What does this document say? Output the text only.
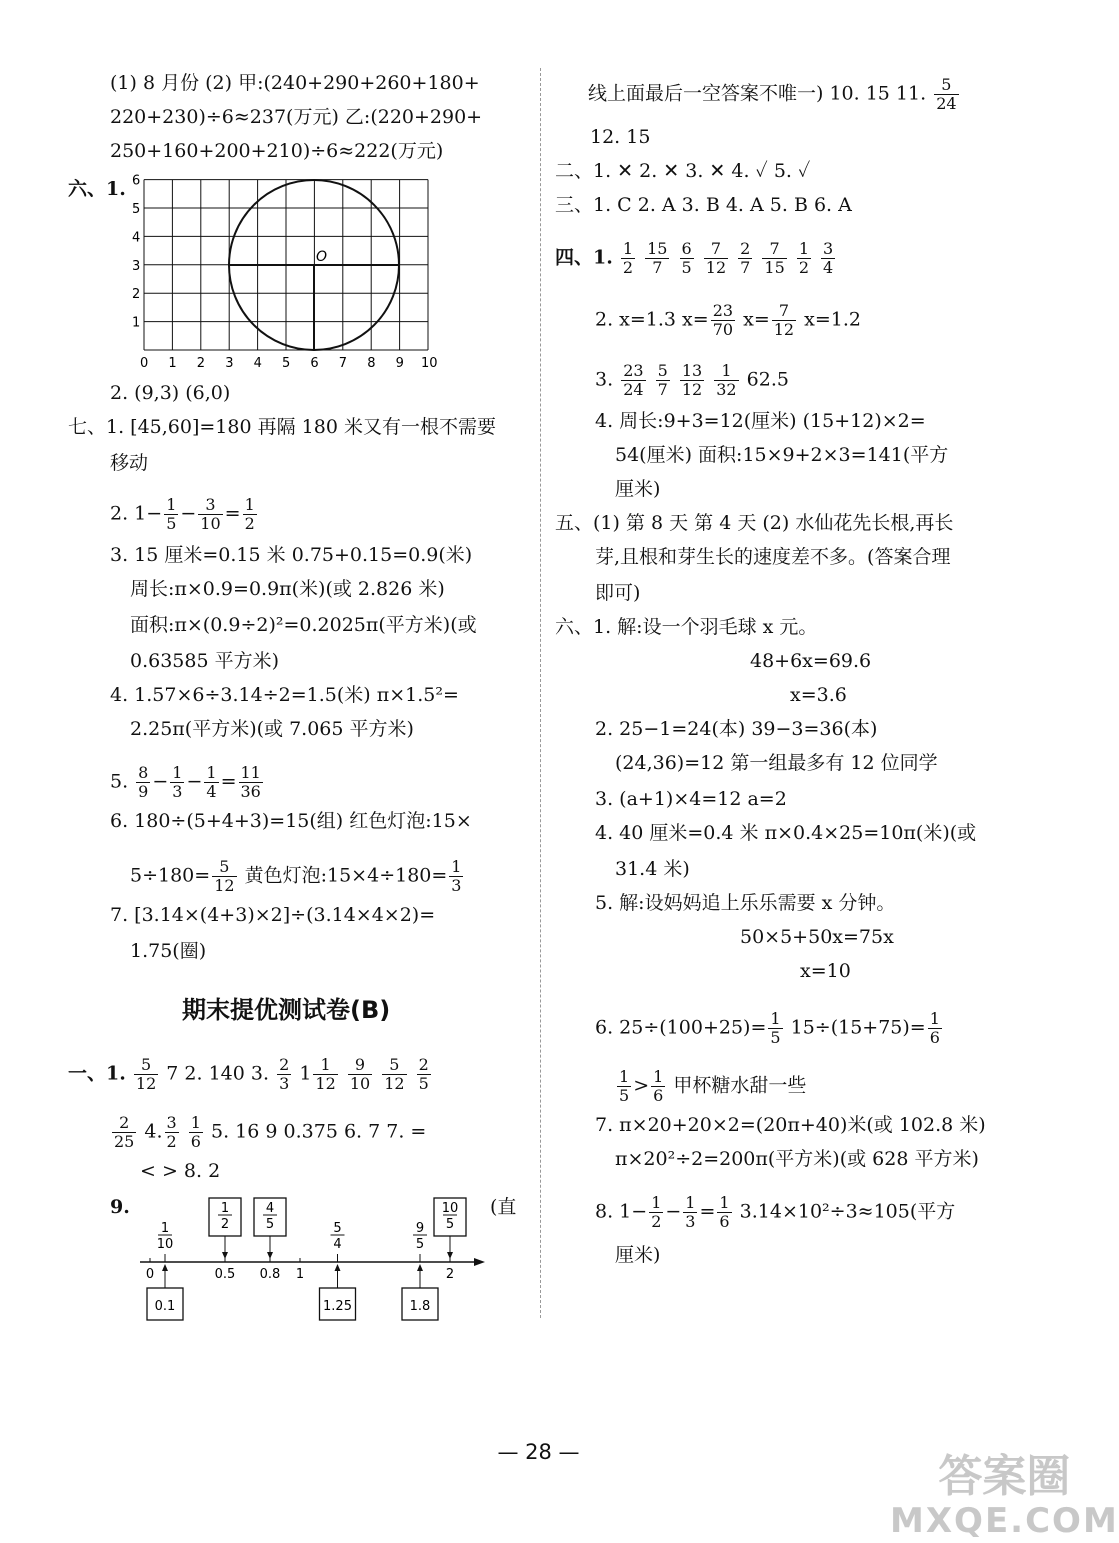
(1) 8 月份 (2) 甲:(240+290+260+180+
220+230)÷6≈237(万元) 乙:(220+290+
250+160+200+210)÷6≈222(万元)
六、1.
O
6
5
4
3
2
1
0 1 2 3 4 5 6 7 8 9 10
2. (9,3) (6,0)
七、1. [45,60]=180 再隔 180 米又有一根不需要
移动
2. $1- \frac{1}{5} - \frac{3}{10} = \frac{1}{2}$
3. 15 厘米=0.15 米 0.75+0.15=0.9(米)
周长:π×0.9=0.9π(米)(或 2.826 米)
面积:π×(0.9÷2)²=0.2025π(平方米)(或
0.63585 平方米)
4. 1.57×6÷3.14÷2=1.5(米) π×1.5²=
2.25π(平方米)(或 7.065 平方米)
5. $\frac{8}{9} - \frac{1}{3} - \frac{1}{4} = \frac{11}{36}$
6. 180÷(5+4+3)=15(组) 红色灯泡:15×
$5\div 180= \frac{5}{12}$ 黄色灯泡:15×4÷180= $\frac{1}{3}$
7. [3.14×(4+3)×2]÷(3.14×4×2)=
1.75(圈)
期末提优测试卷(B)
一、1. $\frac{5}{12} 7$ 2. 140 3. $\frac{2}{3} 1 \frac{1}{12}$
$\frac{9}{10}$
$\frac{5}{12}$
$\frac{2}{5}$
$\frac{2}{25} 4$. $\frac{3}{2}$
$\frac{1}{6} 5$. 16 9 0.375 6. 7 7. =
< > 8. 2
9.	(直
0	0.5 0.8 1	2
1
10
5
4
9
5
1
2
4
5
10
5
0.1	1.25	1.8
线上面最后一空答案不唯一) 10. 15 11. $\frac{5}{24}$
12. 15
二、1. ✕ 2. ✕ 3. ✕ 4. ✓ 5. ✓
三、1. C 2. A 3. B 4. A 5. B 6. A
四、1. $\frac{1}{2}$
$\frac{15}{7}$
$\frac{6}{5}$
$\frac{7}{12}$
$\frac{2}{7}$
$\frac{7}{15}$
$\frac{1}{2}$
$\frac{3}{4}$
2. x=1.3 $x= \frac{23}{70} x= \frac{7}{12} x=1.2$
3. $\frac{23}{24}$
$\frac{5}{7}$
$\frac{13}{12}$
$\frac{1}{32} 62.5$
4. 周长:9+3=12(厘米) (15+12)×2=
54(厘米) 面积:15×9+2×3=141(平方
厘米)
五、(1) 第 8 天 第 4 天 (2) 水仙花先长根,再长
芽,且根和芽生长的速度差不多。(答案合理
即可)
六、1. 解:设一个羽毛球 x 元。
48+6x=69.6
x=3.6
2. 25−1=24(本) 39−3=36(本)
(24,36)=12 第一组最多有 12 位同学
3. (a+1)×4=12 a=2
4. 40 厘米=0.4 米 π×0.4×25=10π(米)(或
31.4 米)
5. 解:设妈妈追上乐乐需要 x 分钟。
50×5+50x=75x
x=10
6. $25\div(100+25)= \frac{1}{5} 15\div(15+75)= \frac{1}{6}$
$\frac{1}{5} > \frac{1}{6}$ 甲杯糖水甜一些
7. π×20+20×2=(20π+40)米(或 102.8 米)
π×20²÷2=200π(平方米)(或 628 平方米)
8. $1- \frac{1}{2} - \frac{1}{3} = \frac{1}{6} 3.14\times 10^2\div 3\approx 105$(平方
厘米)
— 28 —	答案圈
MXQE.COM
